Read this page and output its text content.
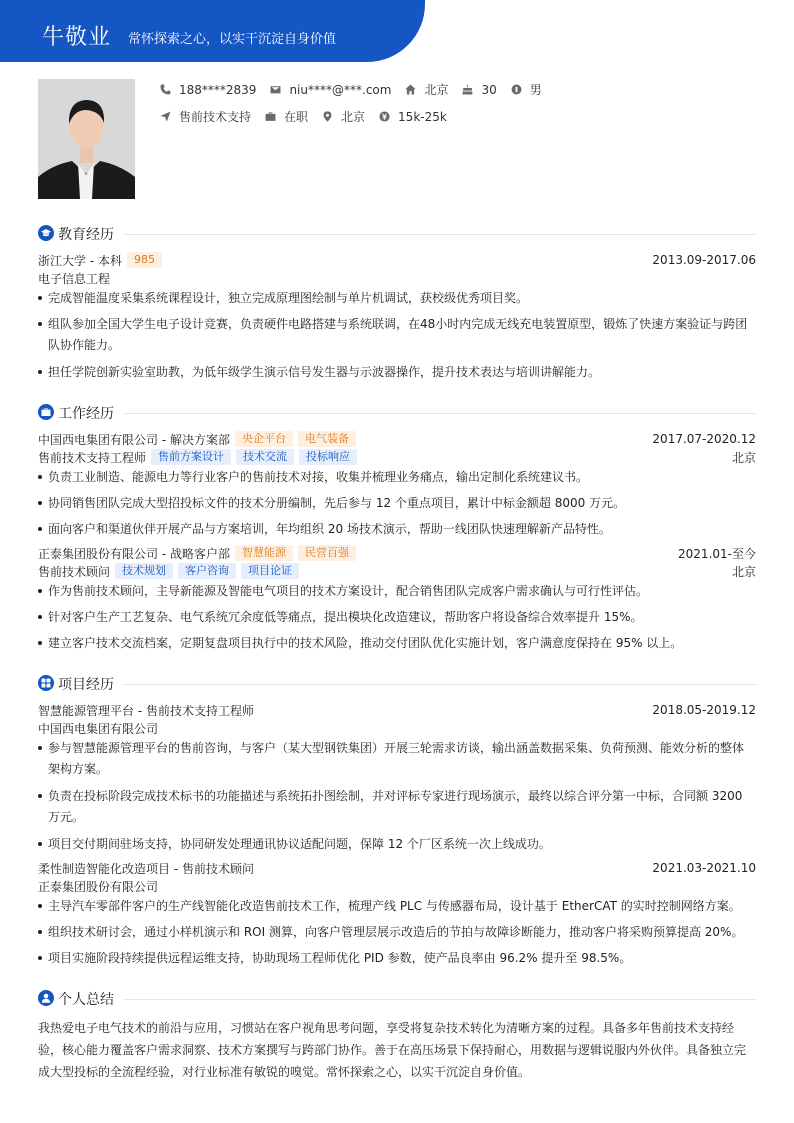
牛敬业 常怀探索之心，以实干沉淀自身价值
188****2839	niu****@***.com	北京	30	男
售前技术支持	在职	北京	15k-25k
教育经历
浙江大学 - 本科	985	2013.09-2017.06
电子信息工程
完成智能温度采集系统课程设计，独立完成原理图绘制与单片机调试，获校级优秀项目奖。
组队参加全国大学生电子设计竞赛，负责硬件电路搭建与系统联调，在48小时内完成无线充电装置原型，锻炼了快速方案验证与跨团
队协作能力。
担任学院创新实验室助教，为低年级学生演示信号发生器与示波器操作，提升技术表达与培训讲解能力。
工作经历
中国西电集团有限公司 - 解决方案部	央企平台	电气装备	2017.07-2020.12
售前技术支持工程师	售前方案设计	技术交流	投标响应	北京
负责工业制造、能源电力等行业客户的售前技术对接，收集并梳理业务痛点，输出定制化系统建议书。
协同销售团队完成大型招投标文件的技术分册编制，先后参与 12 个重点项目，累计中标金额超 8000 万元。
面向客户和渠道伙伴开展产品与方案培训，年均组织 20 场技术演示，帮助一线团队快速理解新产品特性。
正泰集团股份有限公司 - 战略客户部	智慧能源	民营百强	2021.01-至今
售前技术顾问	技术规划	客户咨询	项目论证	北京
作为售前技术顾问，主导新能源及智能电气项目的技术方案设计，配合销售团队完成客户需求确认与可行性评估。
针对客户生产工艺复杂、电气系统冗余度低等痛点，提出模块化改造建议，帮助客户将设备综合效率提升 15%。
建立客户技术交流档案，定期复盘项目执行中的技术风险，推动交付团队优化实施计划，客户满意度保持在 95% 以上。
项目经历
智慧能源管理平台 - 售前技术支持工程师	2018.05-2019.12
中国西电集团有限公司
参与智慧能源管理平台的售前咨询，与客户（某大型钢铁集团）开展三轮需求访谈，输出涵盖数据采集、负荷预测、能效分析的整体
架构方案。
负责在投标阶段完成技术标书的功能描述与系统拓扑图绘制，并对评标专家进行现场演示，最终以综合评分第一中标，合同额 3200
万元。
项目交付期间驻场支持，协同研发处理通讯协议适配问题，保障 12 个厂区系统一次上线成功。
柔性制造智能化改造项目 - 售前技术顾问	2021.03-2021.10
正泰集团股份有限公司
主导汽车零部件客户的生产线智能化改造售前技术工作，梳理产线 PLC 与传感器布局，设计基于 EtherCAT 的实时控制网络方案。
组织技术研讨会，通过小样机演示和 ROI 测算，向客户管理层展示改造后的节拍与故障诊断能力，推动客户将采购预算提高 20%。
项目实施阶段持续提供远程运维支持，协助现场工程师优化 PID 参数，使产品良率由 96.2% 提升至 98.5%。
个人总结
我热爱电子电气技术的前沿与应用，习惯站在客户视角思考问题，享受将复杂技术转化为清晰方案的过程。具备多年售前技术支持经
验，核心能力覆盖客户需求洞察、技术方案撰写与跨部门协作。善于在高压场景下保持耐心，用数据与逻辑说服内外伙伴。具备独立完
成大型投标的全流程经验，对行业标准有敏锐的嗅觉。常怀探索之心，以实干沉淀自身价值。
